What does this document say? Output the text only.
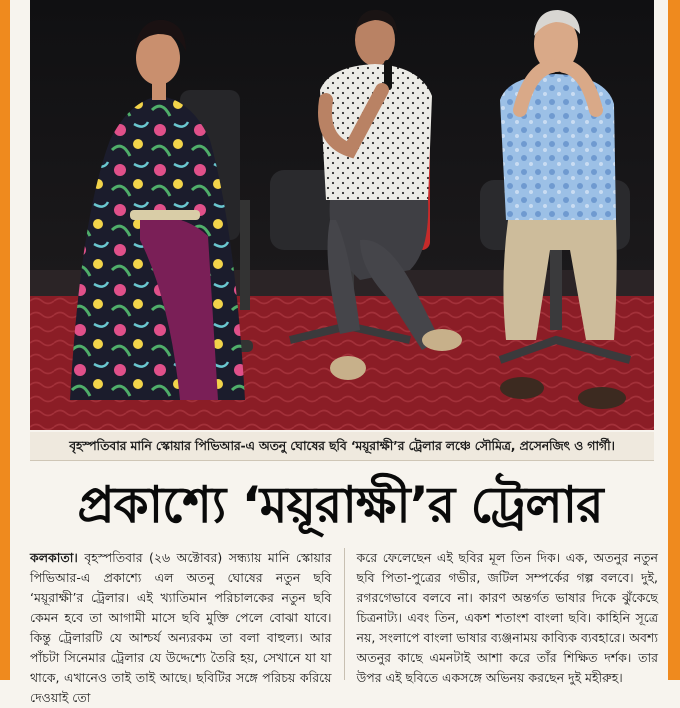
বৃহস্পতিবার মানি স্কোয়ার পিভিআর-এ অতনু ঘোষের ছবি ‘ময়ূরাক্ষী’র ট্রেলার লঞ্চে সৌমিত্র, প্রসেনজিৎ ও গার্গী।
প্রকাশ্যে ‘ময়ূরাক্ষী’র ট্রেলার

কলকাতা। বৃহস্পতিবার (২৬ অক্টোবর) সন্ধ্যায় মানি স্কোয়ার পিভিআর-এ প্রকাশ্যে এল অতনু ঘোষের নতুন ছবি ‘ময়ূরাক্ষী’র ট্রেলার। এই খ্যাতিমান পরিচালকের নতুন ছবি কেমন হবে তা আগামী মাসে ছবি মুক্তি পেলে বোঝা যাবে। কিন্তু ট্রেলারটি যে আশ্চর্য অন্যরকম তা বলা বাহুল্য। আর পাঁচটা সিনেমার ট্রেলার যে উদ্দেশ্যে তৈরি হয়, সেখানে যা যা থাকে, এখানেও তাই তাই আছে। ছবিটির সঙ্গে পরিচয় করিয়ে দেওয়াই তো

করে ফেলেছেন এই ছবির মূল তিন দিক। এক, অতনুর নতুন ছবি পিতা-পুত্রের গভীর, জটিল সম্পর্কের গল্প বলবে। দুই, রগরগেভাবে বলবে না। কারণ অন্তর্গত ভাষার দিকে ঝুঁকেছে চিত্রনাট্য। এবং তিন, একশ শতাংশ বাংলা ছবি। কাহিনি সূত্রে নয়, সংলাপে বাংলা ভাষার ব্যঞ্জনাময় কাব্যিক ব্যবহারে। অবশ্য অতনুর কাছে এমনটাই আশা করে তাঁর শিক্ষিত দর্শক। তার উপর এই ছবিতে একসঙ্গে অভিনয় করছেন দুই মহীরুহ।
